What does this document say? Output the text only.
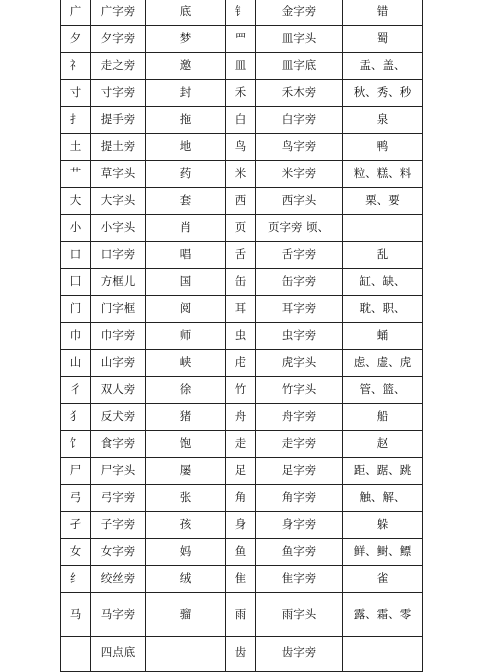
广	广字旁	底	钅	金字旁	错
夕	夕字旁	梦	罒	皿字头	蜀
礻	走之旁	邀	皿	皿字底	盂、盖、
寸	寸字旁	封	禾	禾木旁	秋、秀、秒
扌	提手旁	拖	白	白字旁	泉
土	提土旁	地	鸟	鸟字旁	鸭
艹	草字头	药	米	米字旁	粒、糕、料
大	大字头	套	西	西字头	栗、要
小	小字头	肖	页	页字旁 顷、	
口	口字旁	唱	舌	舌字旁	乱
囗	方框儿	国	缶	缶字旁	缸、缺、
门	门字框	阅	耳	耳字旁	耽、职、
巾	巾字旁	师	虫	虫字旁	蛹
山	山字旁	峡	虍	虎字头	虑、虚、虎
彳	双人旁	徐	竹	竹字头	管、篮、
犭	反犬旁	猪	舟	舟字旁	船
饣	食字旁	饱	走	走字旁	赵
尸	尸字头	屡	足	足字旁	距、踞、跳
弓	弓字旁	张	角	角字旁	触、解、
孑	子字旁	孩	身	身字旁	躲
女	女字旁	妈	鱼	鱼字旁	鲜、鲥、鳔
纟	绞丝旁	绒	隹	隹字旁	雀
马	马字旁	骝	雨	雨字头	露、霜、零
	四点底		齿	齿字旁	
